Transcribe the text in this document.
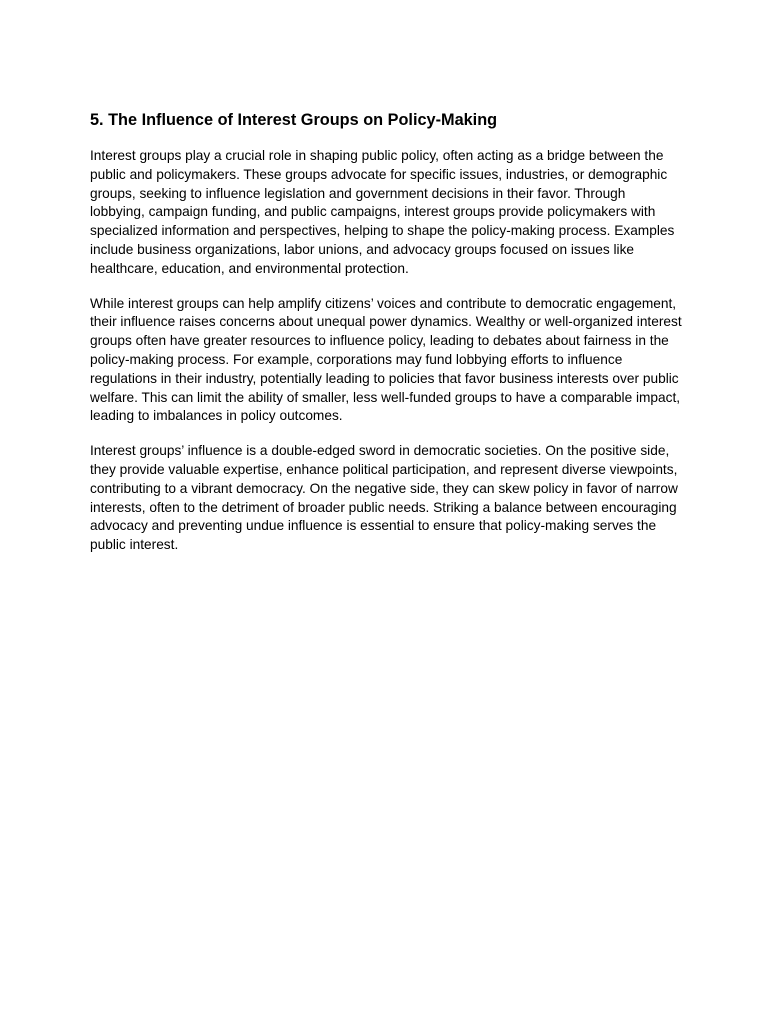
5. The Influence of Interest Groups on Policy-Making

Interest groups play a crucial role in shaping public policy, often acting as a bridge between the public and policymakers. These groups advocate for specific issues, industries, or demographic groups, seeking to influence legislation and government decisions in their favor. Through lobbying, campaign funding, and public campaigns, interest groups provide policymakers with specialized information and perspectives, helping to shape the policy-making process. Examples include business organizations, labor unions, and advocacy groups focused on issues like healthcare, education, and environmental protection.

While interest groups can help amplify citizens’ voices and contribute to democratic engagement, their influence raises concerns about unequal power dynamics. Wealthy or well-organized interest groups often have greater resources to influence policy, leading to debates about fairness in the policy-making process. For example, corporations may fund lobbying efforts to influence regulations in their industry, potentially leading to policies that favor business interests over public welfare. This can limit the ability of smaller, less well-funded groups to have a comparable impact, leading to imbalances in policy outcomes.

Interest groups’ influence is a double-edged sword in democratic societies. On the positive side, they provide valuable expertise, enhance political participation, and represent diverse viewpoints, contributing to a vibrant democracy. On the negative side, they can skew policy in favor of narrow interests, often to the detriment of broader public needs. Striking a balance between encouraging advocacy and preventing undue influence is essential to ensure that policy-making serves the public interest.
